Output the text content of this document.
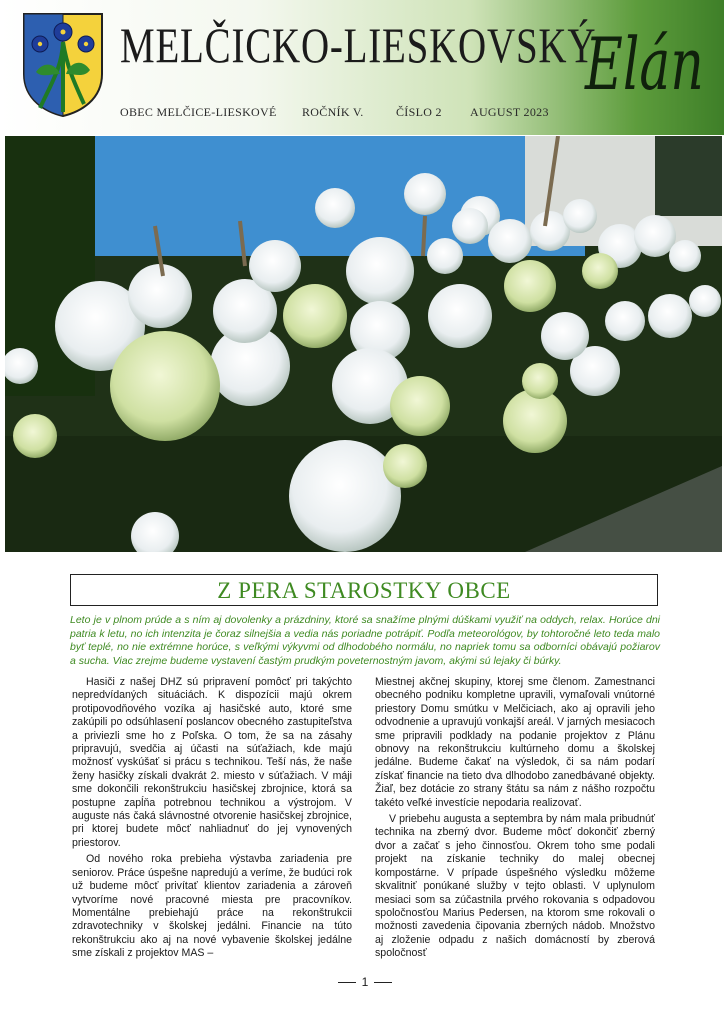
MELČICKO-LIESKOVSKÝ
Elán
OBEC MELČICE-LIESKOVÉ ROČNÍK V.	ČÍSLO 2 AUGUST 2023
Z PERA STAROSTKY OBCE
Leto je v plnom prúde a s ním aj dovolenky a prázdniny, ktoré sa snažíme plnými dúškami využiť na oddych, relax. Horúce dni patria k letu, no ich intenzita je čoraz silnejšia a vedia nás poriadne potrápiť. Podľa meteorológov, by tohtoročné leto teda malo byť teplé, no nie extrémne horúce, s veľkými výkyvmi od dlhodobého normálu, no napriek tomu sa odborníci obávajú požiarov a sucha. Viac zrejme budeme vystavení častým prudkým poveternostným javom, akými sú lejaky či búrky.

Hasiči z našej DHZ sú pripravení pomôcť pri takýchto nepredvídaných situáciách. K dispozícii majú okrem protipovodňového vozíka aj hasičské auto, ktoré sme zakúpili po odsúhlasení poslancov obecného zastupiteľstva a priviezli sme ho z Poľska. O tom, že sa na zásahy pripravujú, svedčia aj účasti na súťažiach, kde majú možnosť vyskúšať si prácu s technikou. Teší nás, že naše ženy hasičky získali dvakrát 2. miesto v súťažiach. V máji sme dokončili rekonštrukciu hasičskej zbrojnice, ktorá sa postupne zapĺňa potrebnou technikou a výstrojom. V auguste nás čaká slávnostné otvorenie hasičskej zbrojnice, pri ktorej budete môcť nahliadnuť do jej vynovených priestorov.

Od nového roka prebieha výstavba zariadenia pre seniorov. Práce úspešne napredujú a veríme, že budúci rok už budeme môcť privítať klientov zariadenia a zároveň vytvoríme nové pracovné miesta pre pracovníkov. Momentálne prebiehajú práce na rekonštrukcii zdravotechniky v školskej jedálni. Financie na túto rekonštrukciu ako aj na nové vybavenie školskej jedálne sme získali z projektov MAS –

Miestnej akčnej skupiny, ktorej sme členom. Zamestnanci obecného podniku kompletne upravili, vymaľovali vnútorné priestory Domu smútku v Melčiciach, ako aj opravili jeho odvodnenie a upravujú vonkajší areál. V jarných mesiacoch sme pripravili podklady na podanie projektov z Plánu obnovy na rekonštrukciu kultúrneho domu a školskej jedálne. Budeme čakať na výsledok, či sa nám podarí získať financie na tieto dva dlhodobo zanedbávané objekty. Žiaľ, bez dotácie zo strany štátu sa nám z nášho rozpočtu takéto veľké investície nepodaria realizovať.

V priebehu augusta a septembra by nám mala pribudnúť technika na zberný dvor. Budeme môcť dokončiť zberný dvor a začať s jeho činnosťou. Okrem toho sme podali projekt na získanie techniky do malej obecnej kompostárne. V prípade úspešného výsledku môžeme skvalitniť ponúkané služby v tejto oblasti. V uplynulom mesiaci som sa zúčastnila prvého rokovania s odpadovou spoločnosťou Marius Pedersen, na ktorom sme rokovali o možnosti zavedenia čipovania zberných nádob. Množstvo aj zloženie odpadu z našich domácností by zberová spoločnosť

1
